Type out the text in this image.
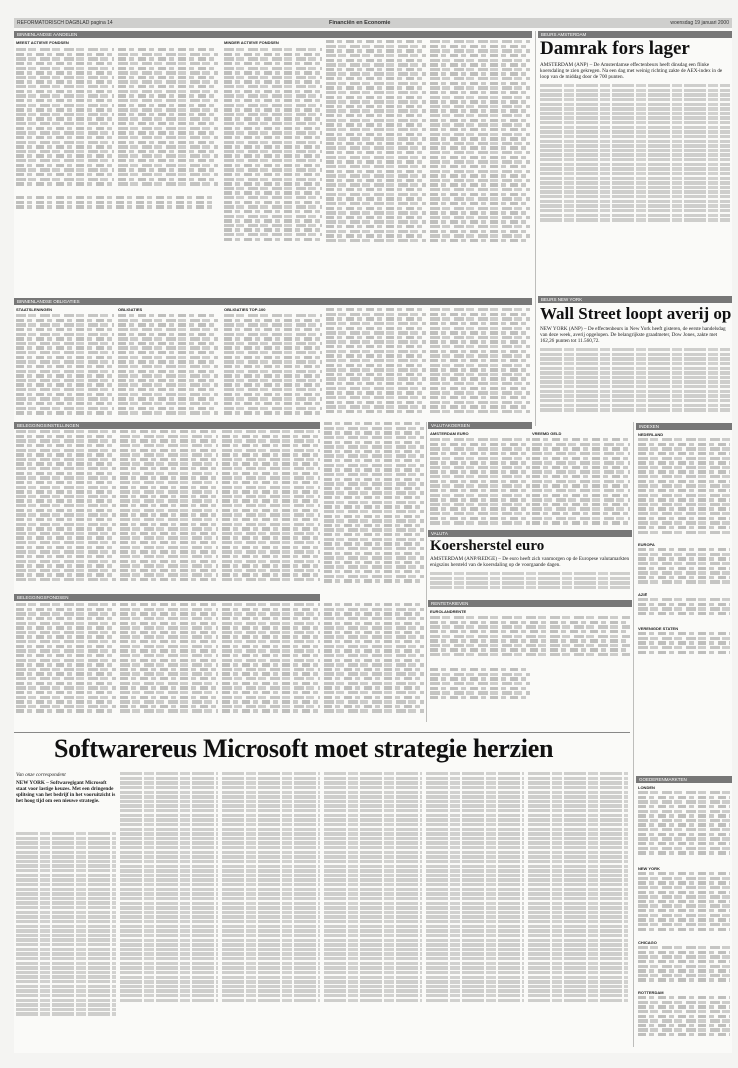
REFORMATORISCH DAGBLAD pagina 14	Financiën en Economie	woensdag 19 januari 2000
BINNENLANDSE AANDELEN
MEEST ACTIEVE FONDSEN	MINDER ACTIEVE FONDSEN
BEURS AMSTERDAM
Damrak fors lager
AMSTERDAM (ANP) – De Amsterdamse effectenbeurs heeft dinsdag een flinke koersdaling te zien gekregen. Na een dag met weinig richting zakte de AEX-index in de loop van de middag door de 700 punten.
BINNENLANDSE OBLIGATIES
STAATSLENINGEN	OBLIGATIES	OBLIGATIES TOP-100
BEURS NEW YORK
Wall Street loopt averij op
NEW YORK (ANP) – De effectenbeurs in New York heeft gisteren, de eerste handelsdag van deze week, averij opgelopen. De belangrijkste graadmeter, Dow Jones, zakte met 162,26 punten tot 11.560,72.
BELEGGINGSINSTELLINGEN	VALUTAKOERSEN
AMSTERDAM EURO	VREEMD GELD
VALUTA
Koersherstel euro
AMSTERDAM (ANP/REDGE) – De euro heeft zich vanmorgen op de Europese valutamarkten enigszins hersteld van de koersdaling op de voorgaande dagen.
INDEXEN
NEDERLAND
EUROPA
AZIË
VERENIGDE STATEN
BELEGGINGSFONDSEN
RENTETARIEVEN
EUROLANDRENTE
Softwarereus Microsoft moet strategie herzien
Van onze correspondent
NEW YORK – Softwaregigant Microsoft staat voor lastige keuzes. Met een dringende splitsing van het bedrijf in het vooruitzicht is het hoog tijd om een nieuwe strategie.
GOEDERENMARKTEN
LONDEN
NEW YORK
CHICAGO
ROTTERDAM
